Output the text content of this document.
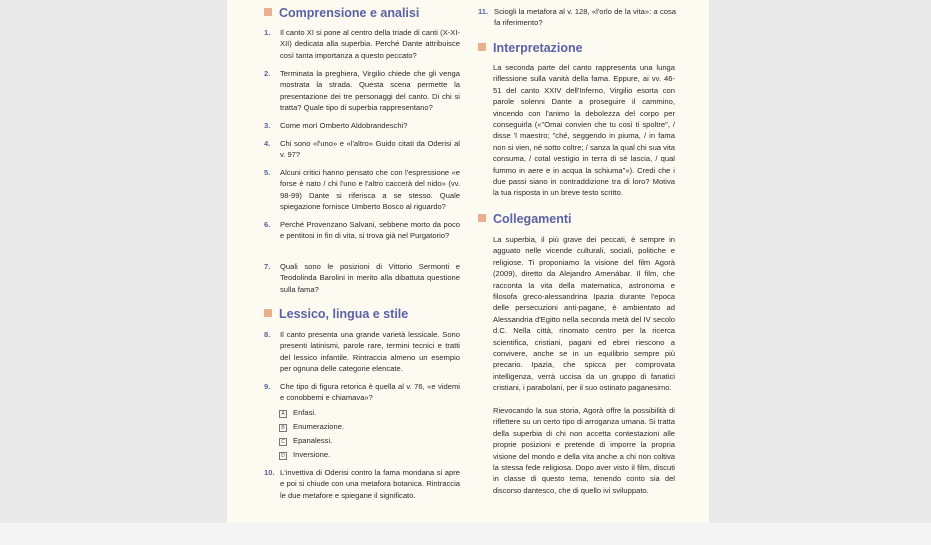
Comprensione e analisi
1.	Il canto XI si pone al centro della triade di canti (X-XI-XII) dedicata alla superbia. Perché Dante attribuisce così tanta importanza a questo peccato?
2.	Terminata la preghiera, Virgilio chiede che gli venga mostrata la strada. Questa scena permette la presentazione dei tre personaggi del canto. Di chi si tratta? Quale tipo di superbia rappresentano?
3.	Come morì Omberto Aldobrandeschi?
4.	Chi sono «l'uno» e «l'altro» Guido citati da Oderisi al v. 97?
5.	Alcuni critici hanno pensato che con l'espressione «e forse è nato / chi l'uno e l'altro caccerà del nido» (vv. 98-99) Dante si riferisca a se stesso. Quale spiegazione fornisce Umberto Bosco al riguardo?
6.	Perché Provenzano Salvani, sebbene morto da poco e pentitosi in fin di vita, si trova già nel Purgatorio?
7.	Quali sono le posizioni di Vittorio Sermonti e Teodolinda Barolini in merito alla dibattuta questione sulla fama?
Lessico, lingua e stile
8.	Il canto presenta una grande varietà lessicale. Sono presenti latinismi, parole rare, termini tecnici e tratti del lessico infantile. Rintraccia almeno un esempio per ognuna delle categorie elencate.
9.	Che tipo di figura retorica è quella al v. 76, «e videmi e conobbemi e chiamava»?
A Enfasi.
B Enumerazione.
C Epanalessi.
D Inversione.
10. L'invettiva di Oderisi contro la fama mondana si apre e poi si chiude con una metafora botanica. Rintraccia le due metafore e spiegane il significato.
11. Sciogli la metafora al v. 128, «l'orlo de la vita»: a cosa fa riferimento?
Interpretazione
La seconda parte del canto rappresenta una lunga riflessione sulla vanità della fama. Eppure, ai vv. 46-51 del canto XXIV dell'Inferno, Virgilio esorta con parole solenni Dante a proseguire il cammino, vincendo con l'animo la debolezza del corpo per conseguirla («"Omai convien che tu così ti spoltre", / disse 'l maestro; "ché, seggendo in piuma, / in fama non si vien, né sotto coltre; / sanza la qual chi sua vita consuma, / cotal vestigio in terra di sé lascia, / qual fummo in aere e in acqua la schiuma"»). Credi che i due passi siano in contraddizione tra di loro? Motiva la tua risposta in un breve testo scritto.
Collegamenti
La superbia, il più grave dei peccati, è sempre in agguato nelle vicende culturali, sociali, politiche e religiose. Ti proponiamo la visione del film Agorà (2009), diretto da Alejandro Amenábar. Il film, che racconta la vita della matematica, astronoma e filosofa greco-alessandrina Ipazia durante l'epoca delle persecuzioni anti-pagane, è ambientato ad Alessandria d'Egitto nella seconda metà del IV secolo d.C. Nella città, rinomato centro per la ricerca scientifica, cristiani, pagani ed ebrei riescono a convivere, anche se in un equilibrio sempre più precario. Ipazia, che spicca per comprovata intelligenza, verrà uccisa da un gruppo di fanatici cristiani, i parabolani, per il suo ostinato paganesimo.
Rievocando la sua storia, Agorà offre la possibilità di riflettere su un certo tipo di arroganza umana. Si tratta della superbia di chi non accetta contestazioni alle proprie posizioni e pretende di imporre la propria visione del mondo e della vita anche a chi non coltiva la stessa fede religiosa. Dopo aver visto il film, discuti in classe di questo tema, tenendo conto sia del discorso dantesco, che di quello ivi sviluppato.
